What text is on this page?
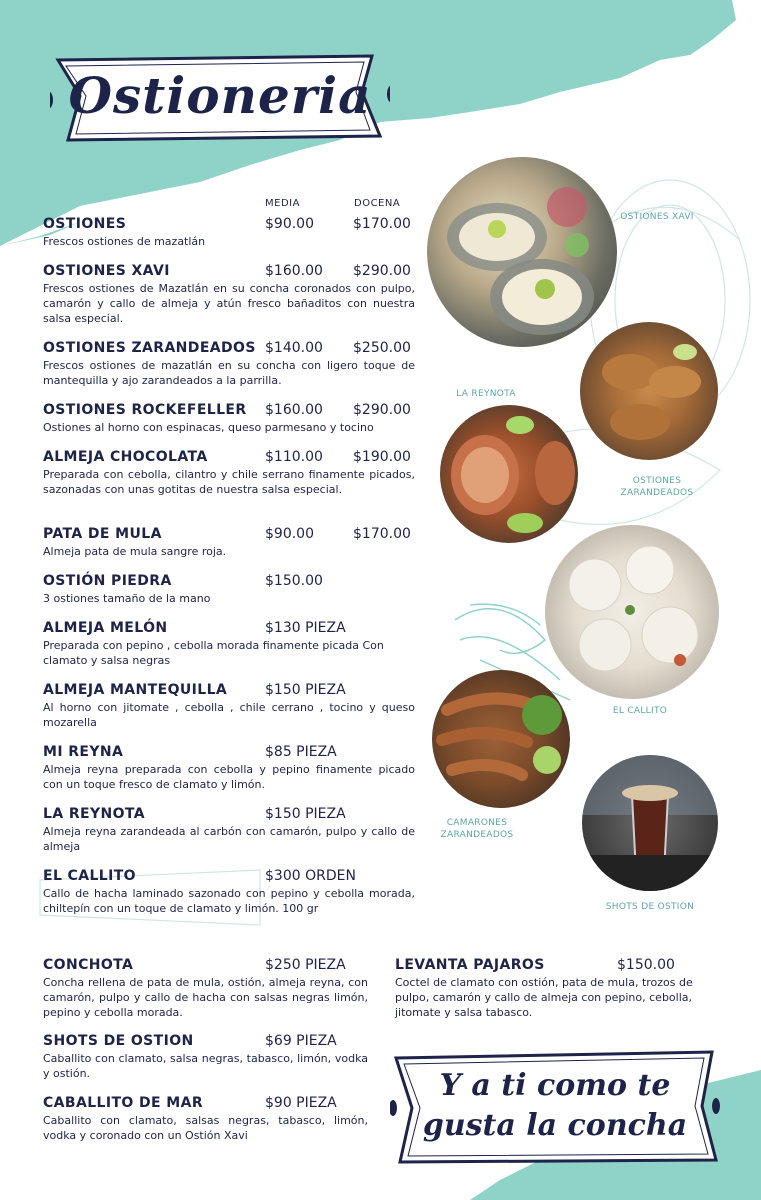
Ostioneria
MEDIA	DOCENA
OSTIONES	$90.00	$170.00
Frescos ostiones de mazatlán
OSTIONES XAVI	$160.00 $290.00
Frescos ostiones de Mazatlán en su concha coronados con pulpo, camarón y callo de almeja y atún fresco bañaditos con nuestra salsa especial.
OSTIONES ZARANDEADOS $140.00 $250.00
Frescos ostiones de mazatlán en su concha con ligero toque de mantequilla y ajo zarandeados a la parrilla.
OSTIONES ROCKEFELLER $160.00 $290.00
Ostiones al horno con espinacas, queso parmesano y tocino
ALMEJA CHOCOLATA	$110.00 $190.00
Preparada con cebolla, cilantro y chile serrano finamente picados, sazonadas con unas gotitas de nuestra salsa especial.
PATA DE MULA	$90.00	$170.00
Almeja pata de mula sangre roja.
OSTIÓN PIEDRA	$150.00
3 ostiones tamaño de la mano
ALMEJA MELÓN	$130 PIEZA
Preparada con pepino , cebolla morada finamente picada Con clamato y salsa negras
ALMEJA MANTEQUILLA	$150 PIEZA
Al horno con jitomate , cebolla , chile cerrano , tocino y queso mozarella
MI REYNA	$85 PIEZA
Almeja reyna preparada con cebolla y pepino finamente picado con un toque fresco de clamato y limón.
LA REYNOTA	$150 PIEZA
Almeja reyna zarandeada al carbón con camarón, pulpo y callo de almeja
EL CALLITO	$300 ORDEN
Callo de hacha laminado sazonado con pepino y cebolla morada, chiltepín con un toque de clamato y limón. 100 gr
CONCHOTA	$250 PIEZA
Concha rellena de pata de mula, ostión, almeja reyna, con camarón, pulpo y callo de hacha con salsas negras limón, pepino y cebolla morada.
SHOTS DE OSTION	$69 PIEZA
Caballito con clamato, salsa negras, tabasco, limón, vodka y ostión.
CABALLITO DE MAR	$90 PIEZA
Caballito con clamato, salsas negras, tabasco, limón, vodka y coronado con un Ostión Xavi
LEVANTA PAJAROS	$150.00
Coctel de clamato con ostión, pata de mula, trozos de pulpo, camarón y callo de almeja con pepino, cebolla, jitomate y salsa tabasco.
OSTIONES XAVI
OSTIONES
ZARANDEADOS
LA REYNOTA
EL CALLITO
CAMARONES
ZARANDEADOS
SHOTS DE OSTION
Y a ti como te
gusta la concha
